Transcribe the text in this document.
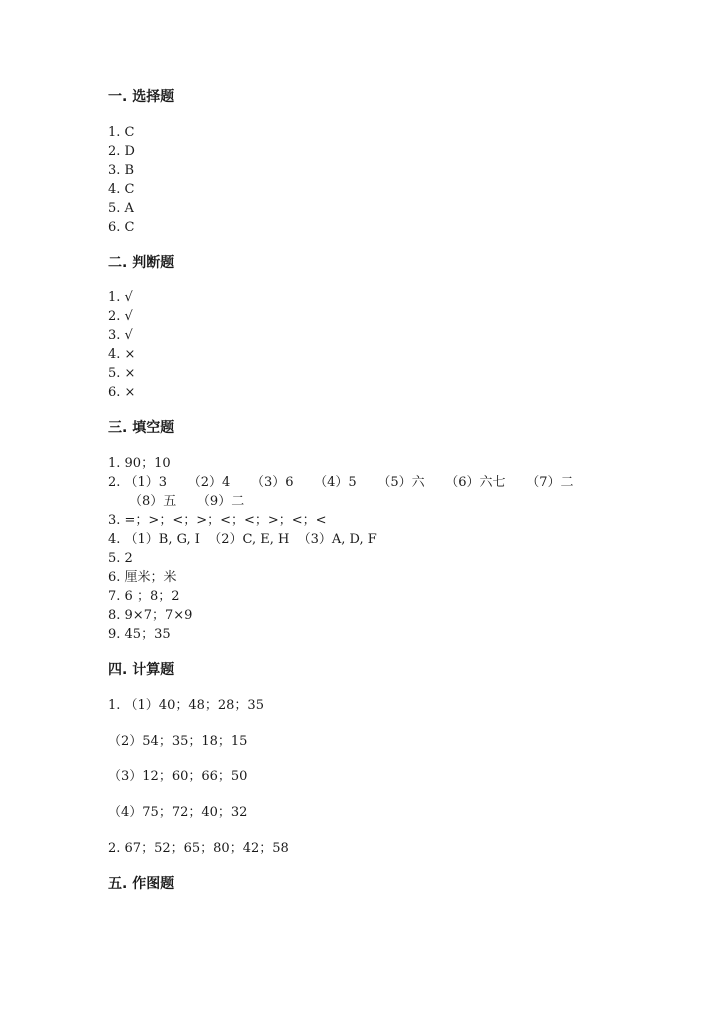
一. 选择题

1. C

2. D

3. B

4. C

5. A

6. C

二. 判断题

1. √

2. √

3. √

4. ×

5. ×

6. ×

三. 填空题

1. 90；10

2. （1）3     （2）4     （3）6     （4）5     （5）六     （6）六七     （7）二

（8）五     （9）二

3. =；>；<；>；<；<；>；<；<

4. （1）B, G, I  （2）C, E, H  （3）A, D, F

5. 2

6. 厘米；米

7. 6 ；8；2

8. 9×7；7×9

9. 45；35

四. 计算题

1. （1）40；48；28；35

（2）54；35；18；15

（3）12；60；66；50

（4）75；72；40；32

2. 67；52；65；80；42；58

五. 作图题
